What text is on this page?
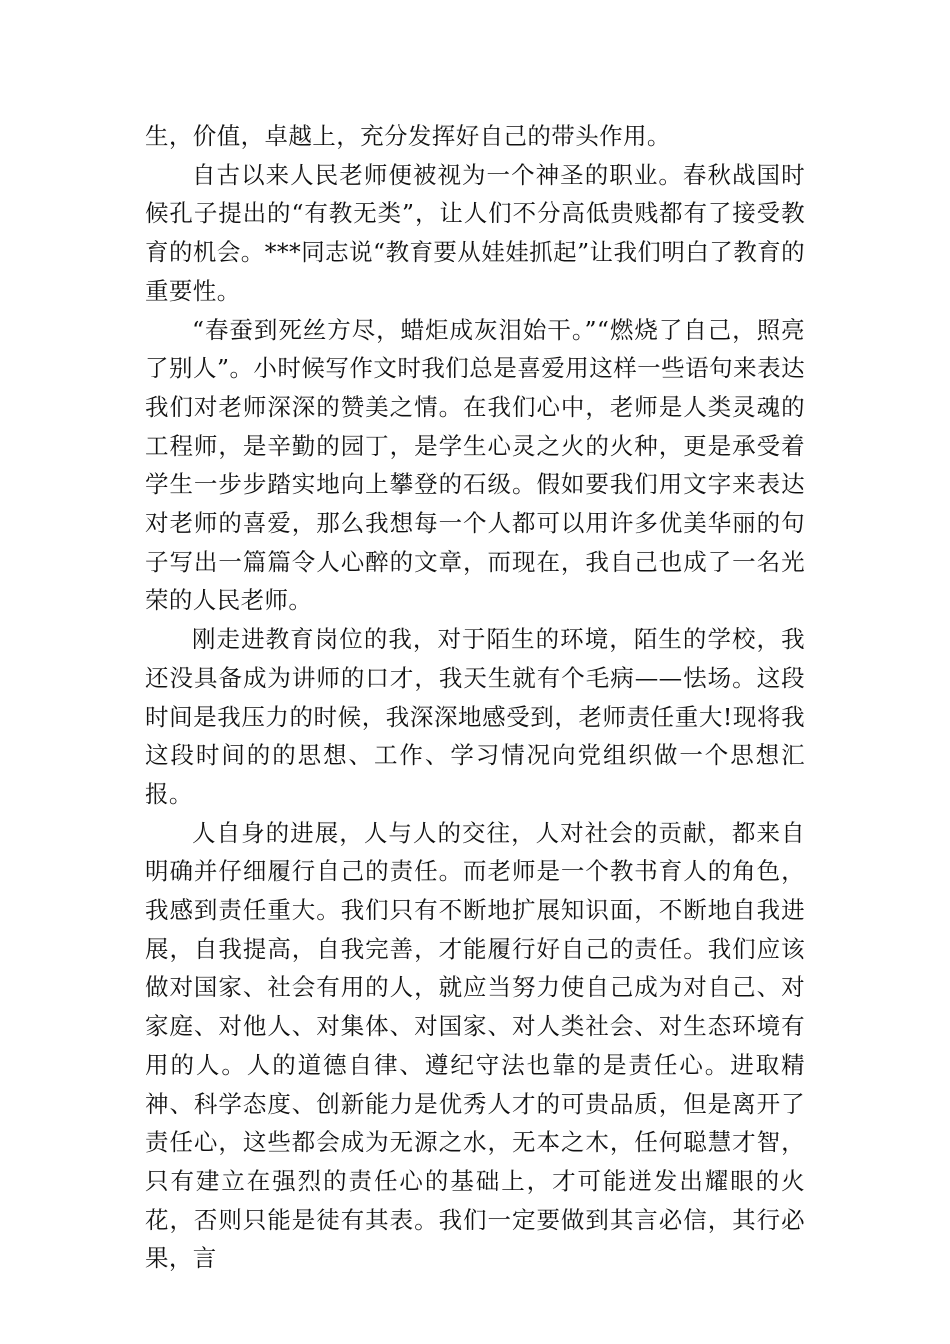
生，价值，卓越上，充分发挥好自己的带头作用。

自古以来人民老师便被视为一个神圣的职业。春秋战国时候孔子提出的“有教无类”，让人们不分高低贵贱都有了接受教育的机会。***同志说“教育要从娃娃抓起”让我们明白了教育的重要性。

“春蚕到死丝方尽，蜡炬成灰泪始干。”“燃烧了自己，照亮了别人”。小时候写作文时我们总是喜爱用这样一些语句来表达我们对老师深深的赞美之情。在我们心中，老师是人类灵魂的工程师，是辛勤的园丁，是学生心灵之火的火种，更是承受着学生一步步踏实地向上攀登的石级。假如要我们用文字来表达对老师的喜爱，那么我想每一个人都可以用许多优美华丽的句子写出一篇篇令人心醉的文章，而现在，我自己也成了一名光荣的人民老师。

刚走进教育岗位的我，对于陌生的环境，陌生的学校，我还没具备成为讲师的口才，我天生就有个毛病——怯场。这段时间是我压力的时候，我深深地感受到，老师责任重大!现将我这段时间的的思想、工作、学习情况向党组织做一个思想汇报。

人自身的进展，人与人的交往，人对社会的贡献，都来自明确并仔细履行自己的责任。而老师是一个教书育人的角色，我感到责任重大。我们只有不断地扩展知识面，不断地自我进展，自我提高，自我完善，才能履行好自己的责任。我们应该做对国家、社会有用的人，就应当努力使自己成为对自己、对家庭、对他人、对集体、对国家、对人类社会、对生态环境有用的人。人的道德自律、遵纪守法也靠的是责任心。进取精神、科学态度、创新能力是优秀人才的可贵品质，但是离开了责任心，这些都会成为无源之水，无本之木，任何聪慧才智，只有建立在强烈的责任心的基础上，才可能迸发出耀眼的火花，否则只能是徒有其表。我们一定要做到其言必信，其行必果，言
